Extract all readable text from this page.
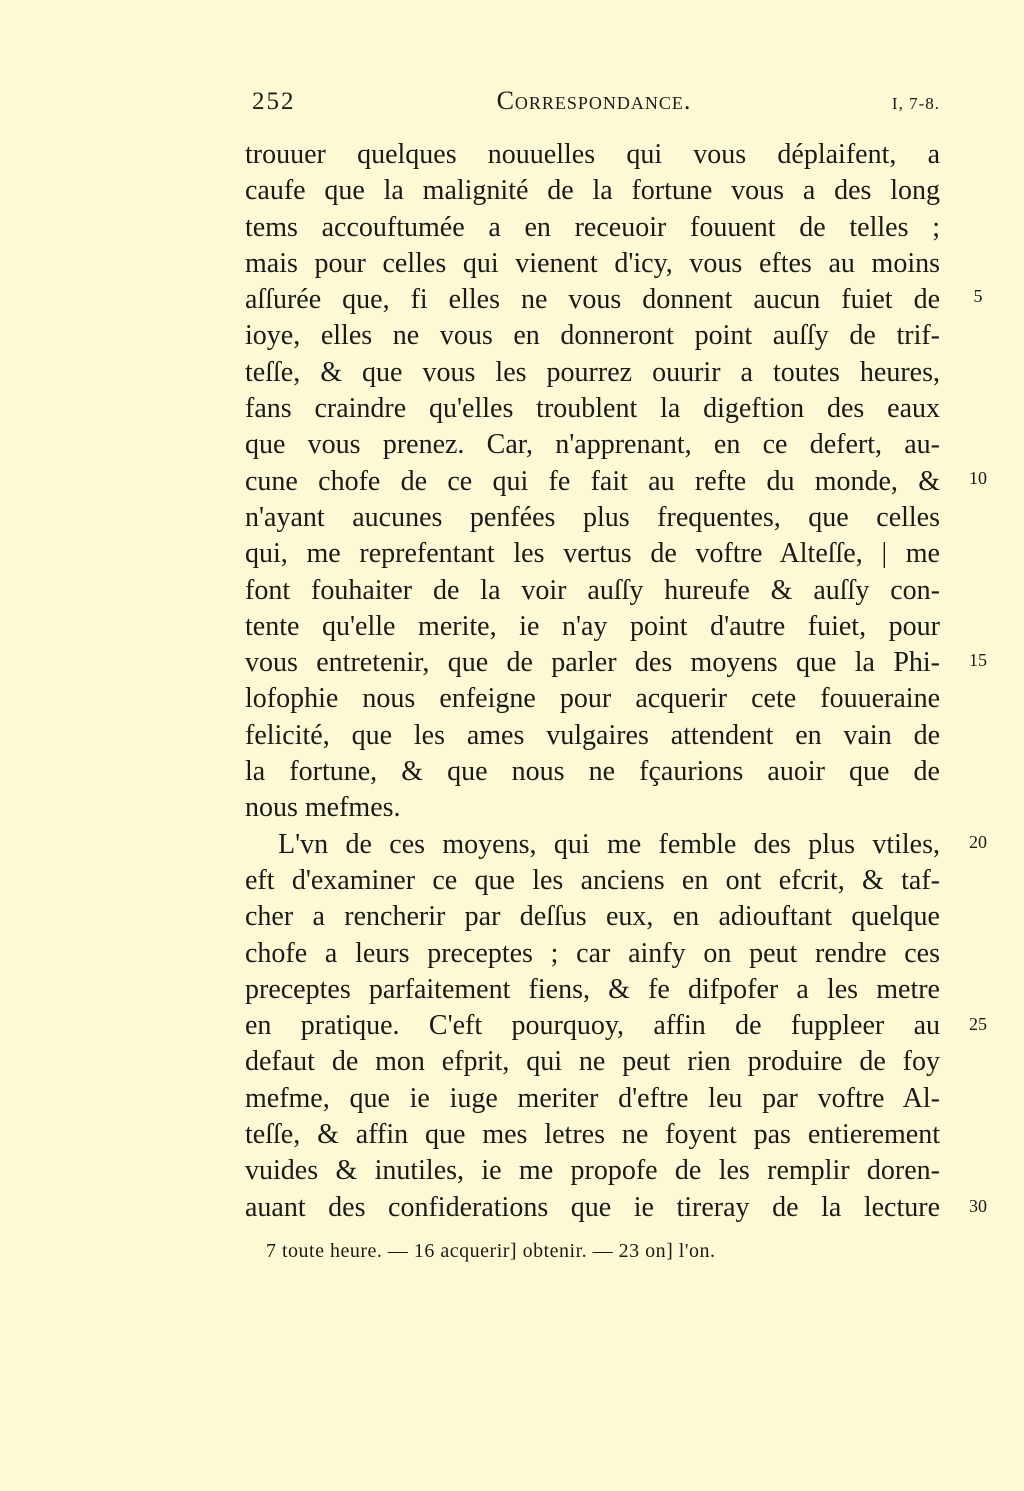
252	Correspondance.	I, 7-8.
trouuer quelques nouuelles qui vous déplaifent, a
caufe que la malignité de la fortune vous a des long
tems accouftumée a en receuoir fouuent de telles ;
mais pour celles qui vienent d'icy, vous eftes au moins
aſſurée que, fi elles ne vous donnent aucun fuiet de
ioye, elles ne vous en donneront point auſſy de trif-
teſſe, & que vous les pourrez ouurir a toutes heures,
fans craindre qu'elles troublent la digeftion des eaux
que vous prenez. Car, n'apprenant, en ce defert, au-
cune chofe de ce qui fe fait au refte du monde, &
n'ayant aucunes penfées plus frequentes, que celles
qui, me reprefentant les vertus de voftre Alteſſe, | me
font fouhaiter de la voir auſſy hureufe & auſſy con-
tente qu'elle merite, ie n'ay point d'autre fuiet, pour
vous entretenir, que de parler des moyens que la Phi-
lofophie nous enfeigne pour acquerir cete fouueraine
felicité, que les ames vulgaires attendent en vain de
la fortune, & que nous ne fçaurions auoir que de
nous mefmes.
L'vn de ces moyens, qui me femble des plus vtiles,
eft d'examiner ce que les anciens en ont efcrit, & taf-
cher a rencherir par deſſus eux, en adiouftant quelque
chofe a leurs preceptes ; car ainfy on peut rendre ces
preceptes parfaitement fiens, & fe difpofer a les metre
en pratique. C'eft pourquoy, affin de fuppleer au
defaut de mon efprit, qui ne peut rien produire de foy
mefme, que ie iuge meriter d'eftre leu par voftre Al-
teſſe, & affin que mes letres ne foyent pas entierement
vuides & inutiles, ie me propofe de les remplir doren-
auant des confiderations que ie tireray de la lecture
5
10
15
20
25
30
7 toute heure. — 16 acquerir] obtenir. — 23 on] l'on.
